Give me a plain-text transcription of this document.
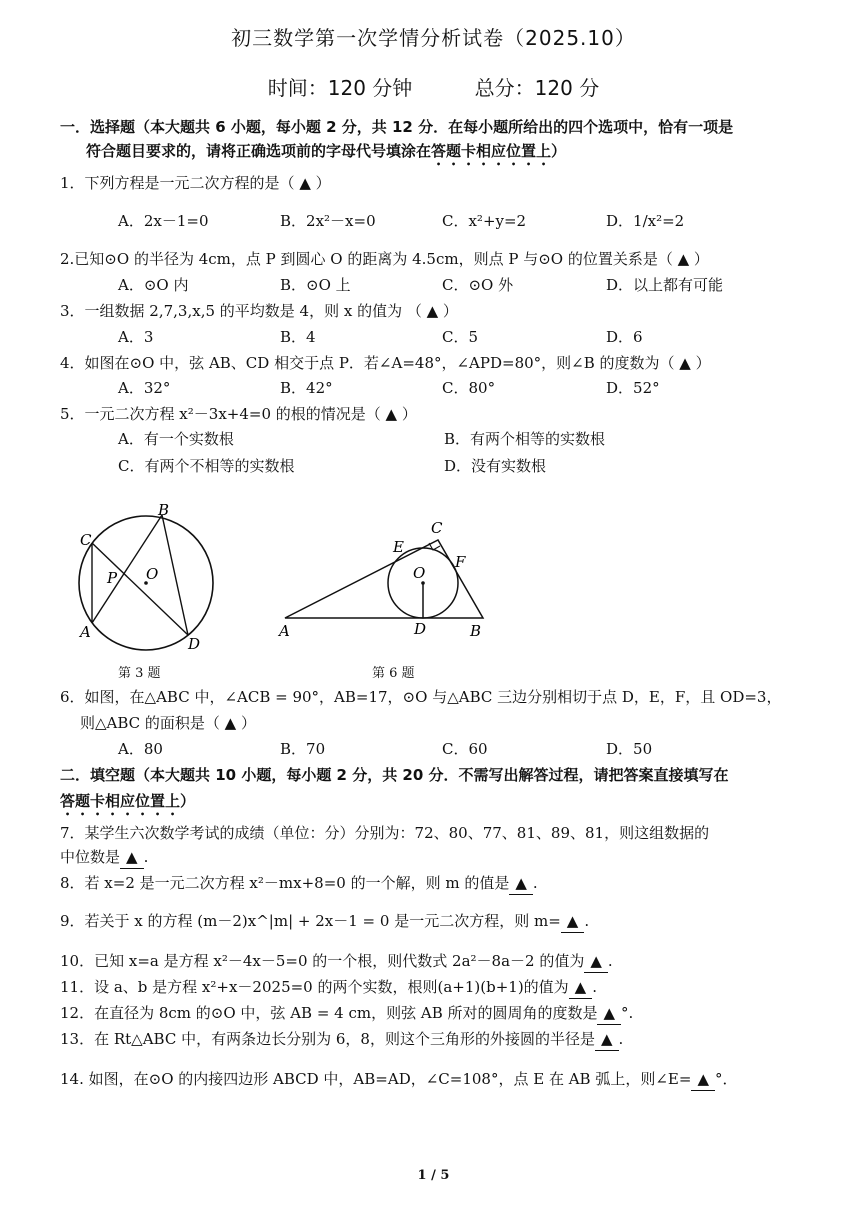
初三数学第一次学情分析试卷（2025.10）
时间：120 分钟	总分：120 分
一．选择题（本大题共 6 小题，每小题 2 分，共 12 分．在每小题所给出的四个选项中，恰有一项是
符合题目要求的，请将正确选项前的字母代号填涂在答题卡相应位置上）
1．下列方程是一元二次方程的是（ ▲ ）
A．2x－1=0	B．2x²－x=0	C．x²+y=2	D．1/x²=2
2.已知⊙O 的半径为 4cm，点 P 到圆心 O 的距离为 4.5cm，则点 P 与⊙O 的位置关系是（ ▲ ）
A．⊙O 内	B．⊙O 上	C．⊙O 外	D．以上都有可能
3．一组数据 2,7,3,x,5 的平均数是 4，则 x 的值为 （ ▲ ）
A．3	B．4	C．5	D．6
4．如图在⊙O 中，弦 AB、CD 相交于点 P．若∠A=48°，∠APD=80°，则∠B 的度数为（ ▲ ）
A．32°	B．42°	C．80°	D．52°
5．一元二次方程 x²－3x+4=0 的根的情况是（ ▲ ）
A．有一个实数根	B．有两个相等的实数根
C．有两个不相等的实数根	D．没有实数根
B
C
P O
A
D
第 3 题
C
E
F
O
A	D	B
第 6 题
6．如图，在△ABC 中，∠ACB = 90°，AB=17，⊙O 与△ABC 三边分别相切于点 D，E，F，且 OD=3，
则△ABC 的面积是（ ▲ ）
A．80	B．70	C．60	D．50
二．填空题（本大题共 10 小题，每小题 2 分，共 20 分．不需写出解答过程，请把答案直接填写在
答题卡相应位置上）
7．某学生六次数学考试的成绩（单位：分）分别为：72、80、77、81、89、81，则这组数据的
中位数是 ▲ .
8．若 x=2 是一元二次方程 x²－mx+8=0 的一个解，则 m 的值是 ▲ .
9．若关于 x 的方程 (m－2)x^|m| + 2x－1 = 0 是一元二次方程，则 m= ▲ .
10．已知 x=a 是方程 x²－4x－5=0 的一个根，则代数式 2a²－8a－2 的值为 ▲ .
11．设 a、b 是方程 x²+x－2025=0 的两个实数，根则(a+1)(b+1)的值为 ▲ .
12．在直径为 8cm 的⊙O 中，弦 AB = 4 cm，则弦 AB 所对的圆周角的度数是 ▲ °.
13．在 Rt△ABC 中，有两条边长分别为 6，8，则这个三角形的外接圆的半径是 ▲ .
14. 如图，在⊙O 的内接四边形 ABCD 中，AB=AD，∠C=108°，点 E 在 AB 弧上，则∠E= ▲ °．
1 / 5
